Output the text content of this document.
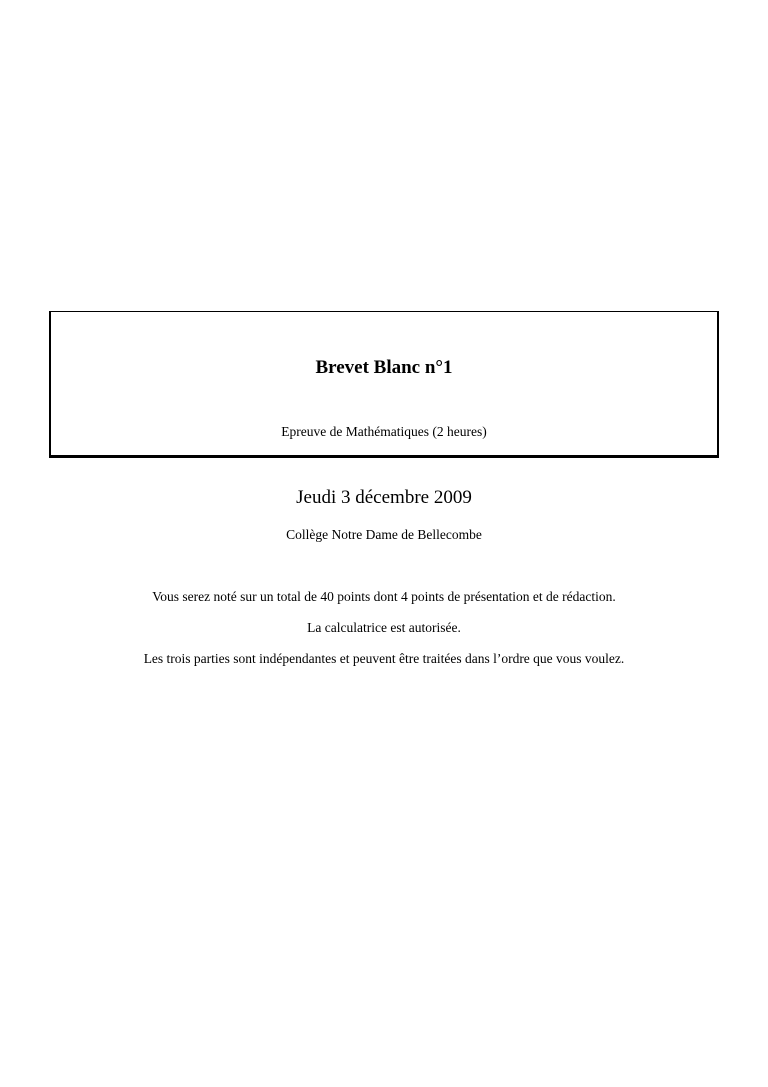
Brevet Blanc n°1
Epreuve de Mathématiques (2 heures)
Jeudi 3 décembre 2009
Collège Notre Dame de Bellecombe
Vous serez noté sur un total de 40 points dont 4 points de présentation et de rédaction.
La calculatrice est autorisée.
Les trois parties sont indépendantes et peuvent être traitées dans l’ordre que vous voulez.
